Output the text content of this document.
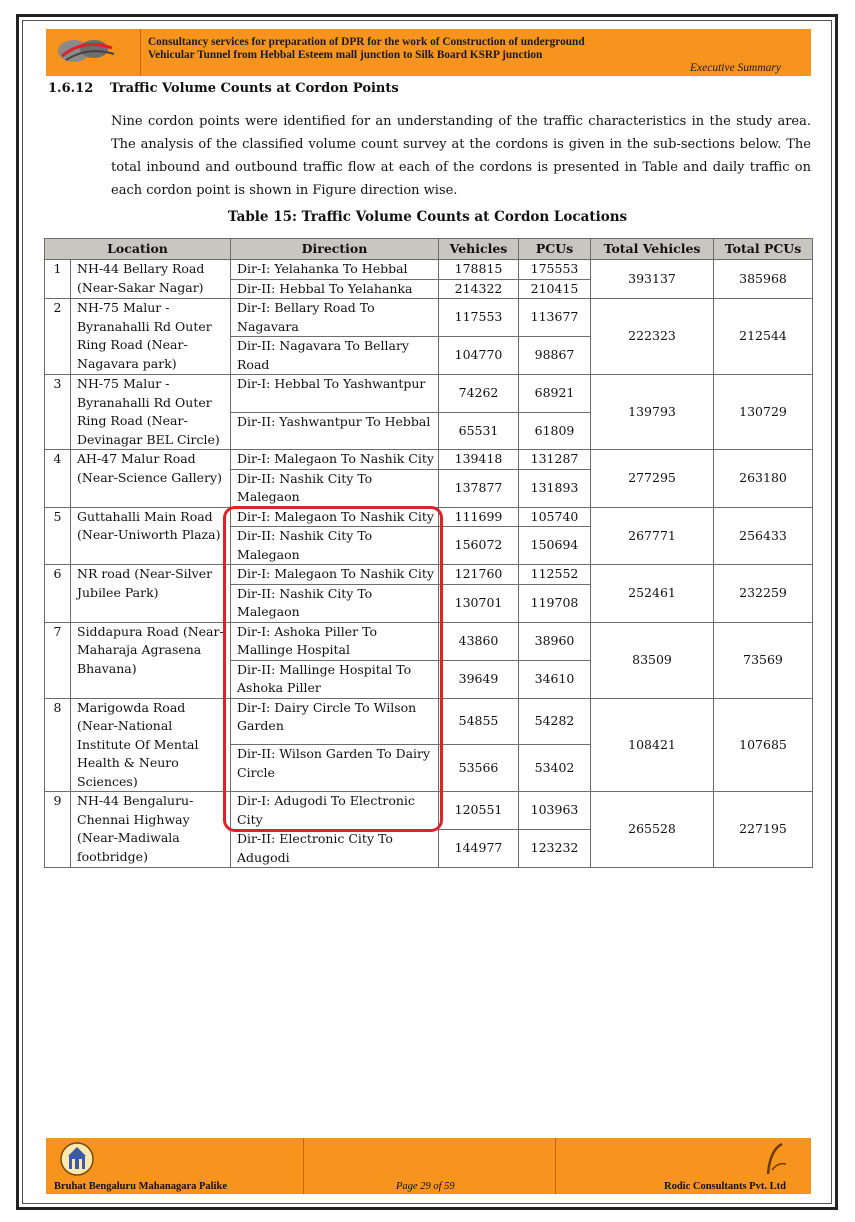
Consultancy services for preparation of DPR for the work of Construction of underground
Vehicular Tunnel from Hebbal Esteem mall junction to Silk Board KSRP junction
Executive Summary
1.6.12 Traffic Volume Counts at Cordon Points
Nine cordon points were identified for an understanding of the traffic characteristics in the study area. The analysis of the classified volume count survey at the cordons is given in the sub-sections below. The total inbound and outbound traffic flow at each of the cordons is presented in Table and daily traffic on each cordon point is shown in Figure direction wise.
Table 15: Traffic Volume Counts at Cordon Locations
Location		Direction	Vehicles	PCUs	Total Vehicles	Total PCUs
1	NH-44 Bellary Road (Near-Sakar Nagar)	Dir-I: Yelahanka To Hebbal	178815	175553	393137	385968
		Dir-II: Hebbal To Yelahanka	214322	210415		
2	NH-75 Malur - Byranahalli Rd Outer Ring Road (Near-Nagavara park)	Dir-I: Bellary Road To Nagavara	117553	113677	222323	212544
		Dir-II: Nagavara To Bellary Road	104770	98867		
3	NH-75 Malur - Byranahalli Rd Outer Ring Road (Near-Devinagar BEL Circle)	Dir-I: Hebbal To Yashwantpur	74262	68921	139793	130729
		Dir-II: Yashwantpur To Hebbal	65531	61809		
4	AH-47 Malur Road (Near-Science Gallery)	Dir-I: Malegaon To Nashik City	139418	131287	277295	263180
		Dir-II: Nashik City To Malegaon	137877	131893		
5	Guttahalli Main Road (Near-Uniworth Plaza)	Dir-I: Malegaon To Nashik City	111699	105740	267771	256433
		Dir-II: Nashik City To Malegaon	156072	150694		
6	NR road (Near-Silver Jubilee Park)	Dir-I: Malegaon To Nashik City	121760	112552	252461	232259
		Dir-II: Nashik City To Malegaon	130701	119708		
7	Siddapura Road (Near-Maharaja Agrasena Bhavana)	Dir-I: Ashoka Piller To Mallinge Hospital	43860	38960	83509	73569
		Dir-II: Mallinge Hospital To Ashoka Piller	39649	34610		
8	Marigowda Road (Near-National Institute Of Mental Health & Neuro Sciences)	Dir-I: Dairy Circle To Wilson Garden	54855	54282	108421	107685
		Dir-II: Wilson Garden To Dairy Circle	53566	53402		
9	NH-44 Bengaluru-Chennai Highway (Near-Madiwala footbridge)	Dir-I: Adugodi To Electronic City	120551	103963	265528	227195
		Dir-II: Electronic City To Adugodi	144977	123232		
Bruhat Bengaluru Mahanagara Palike	Page 29 of 59	Rodic Consultants Pvt. Ltd
